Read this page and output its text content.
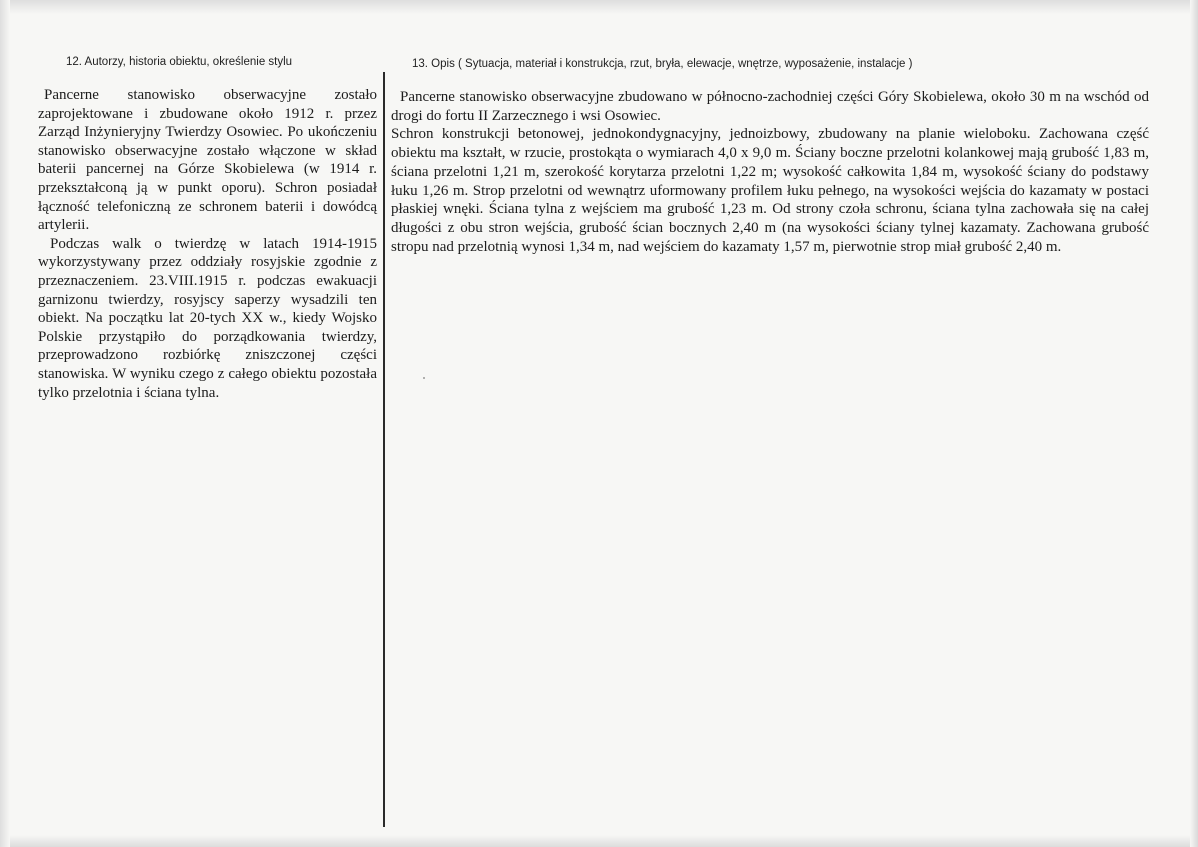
12. Autorzy, historia obiektu, określenie stylu	13. Opis ( Sytuacja, materiał i konstrukcja, rzut, bryła, elewacje, wnętrze, wyposażenie, instalacje )

Pancerne stanowisko obserwacyjne zostało zaprojektowane i zbudowane około 1912 r. przez Zarząd Inżynieryjny Twierdzy Osowiec. Po ukończeniu stanowisko obserwacyjne zostało włączone w skład baterii pancernej na Górze Skobielewa (w 1914 r. przekształconą ją w punkt oporu). Schron posiadał łączność telefoniczną ze schronem baterii i dowódcą artylerii.

Podczas walk o twierdzę w latach 1914-1915 wykorzystywany przez oddziały rosyjskie zgodnie z przeznaczeniem. 23.VIII.1915 r. podczas ewakuacji garnizonu twierdzy, rosyjscy saperzy wysadzili ten obiekt. Na początku lat 20-tych XX w., kiedy Wojsko Polskie przystąpiło do porządkowania twierdzy, przeprowadzono rozbiórkę zniszczonej części stanowiska. W wyniku czego z całego obiektu pozostała tylko przelotnia i ściana tylna.

Pancerne stanowisko obserwacyjne zbudowano w północno-zachodniej części Góry Skobielewa, około 30 m na wschód od drogi do fortu II Zarzecznego i wsi Osowiec.

Schron konstrukcji betonowej, jednokondygnacyjny, jednoizbowy, zbudowany na planie wieloboku. Zachowana część obiektu ma kształt, w rzucie, prostokąta o wymiarach 4,0 x 9,0 m. Ściany boczne przelotni kolankowej mają grubość 1,83 m, ściana przelotni 1,21 m, szerokość korytarza przelotni 1,22 m; wysokość całkowita 1,84 m, wysokość ściany do podstawy łuku 1,26 m. Strop przelotni od wewnątrz uformowany profilem łuku pełnego, na wysokości wejścia do kazamaty w postaci płaskiej wnęki. Ściana tylna z wejściem ma grubość 1,23 m. Od strony czoła schronu, ściana tylna zachowała się na całej długości z obu stron wejścia, grubość ścian bocznych 2,40 m (na wysokości ściany tylnej kazamaty. Zachowana grubość stropu nad przelotnią wynosi 1,34 m, nad wejściem do kazamaty 1,57 m, pierwotnie strop miał grubość 2,40 m.
